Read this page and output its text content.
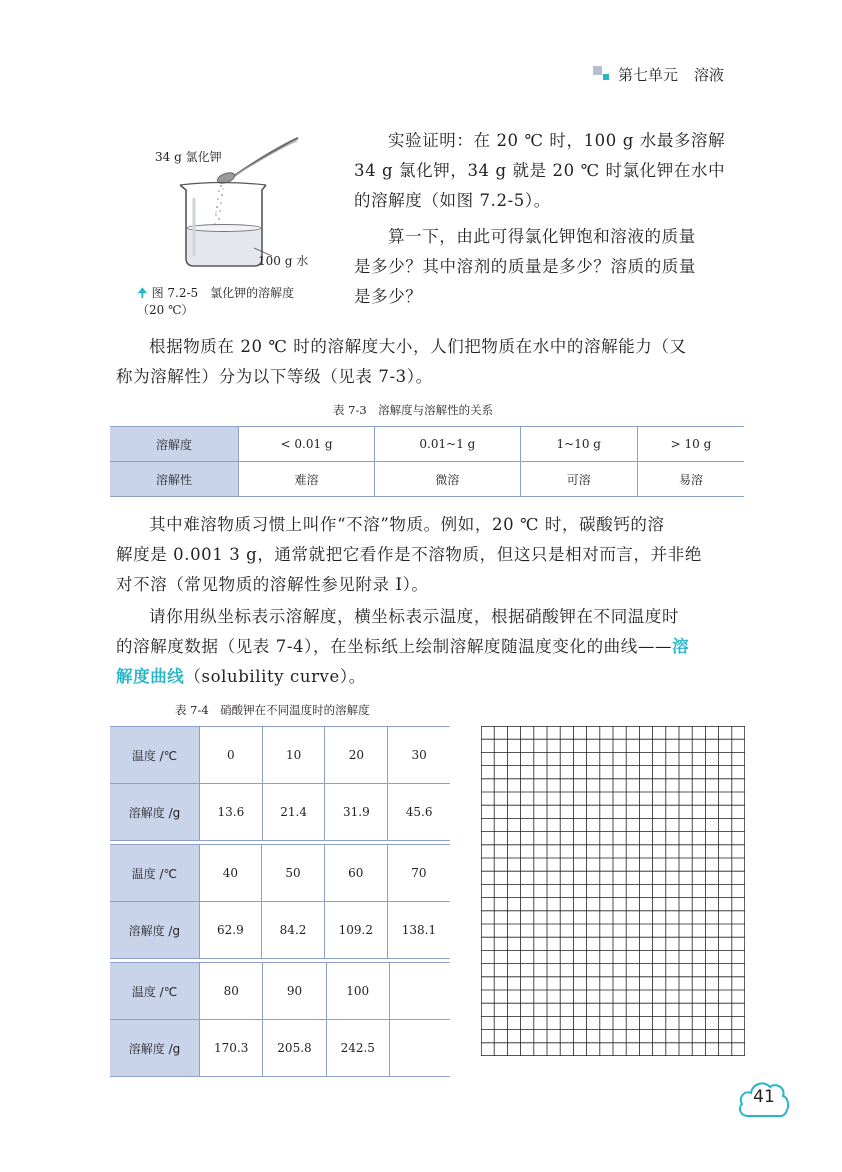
第七单元 溶液
34 g 氯化钾
100 g 水
🠉 图 7.2-5　氯化钾的溶解度
（20 ℃）
实验证明：在 20 ℃ 时，100 g 水最多溶解
34 g 氯化钾，34 g 就是 20 ℃ 时氯化钾在水中
的溶解度（如图 7.2-5）。
算一下，由此可得氯化钾饱和溶液的质量
是多少？其中溶剂的质量是多少？溶质的质量
是多少？
根据物质在 20 ℃ 时的溶解度大小，人们把物质在水中的溶解能力（又
称为溶解性）分为以下等级（见表 7-3）。
表 7-3　溶解度与溶解性的关系
溶解度	< 0.01 g	0.01~1 g	1~10 g	> 10 g
溶解性	难溶	微溶	可溶	易溶
其中难溶物质习惯上叫作“不溶”物质。例如，20 ℃ 时，碳酸钙的溶
解度是 0.001 3 g，通常就把它看作是不溶物质，但这只是相对而言，并非绝
对不溶（常见物质的溶解性参见附录 Ⅰ）。
请你用纵坐标表示溶解度，横坐标表示温度，根据硝酸钾在不同温度时
的溶解度数据（见表 7-4），在坐标纸上绘制溶解度随温度变化的曲线——溶
解度曲线（solubility curve）。
表 7-4　硝酸钾在不同温度时的溶解度
温度 /℃	0	10	20	30
溶解度 /g	13.6	21.4	31.9	45.6
温度 /℃	40	50	60	70
溶解度 /g	62.9	84.2	109.2	138.1
温度 /℃	80	90	100	
溶解度 /g	170.3	205.8	242.5	
41
